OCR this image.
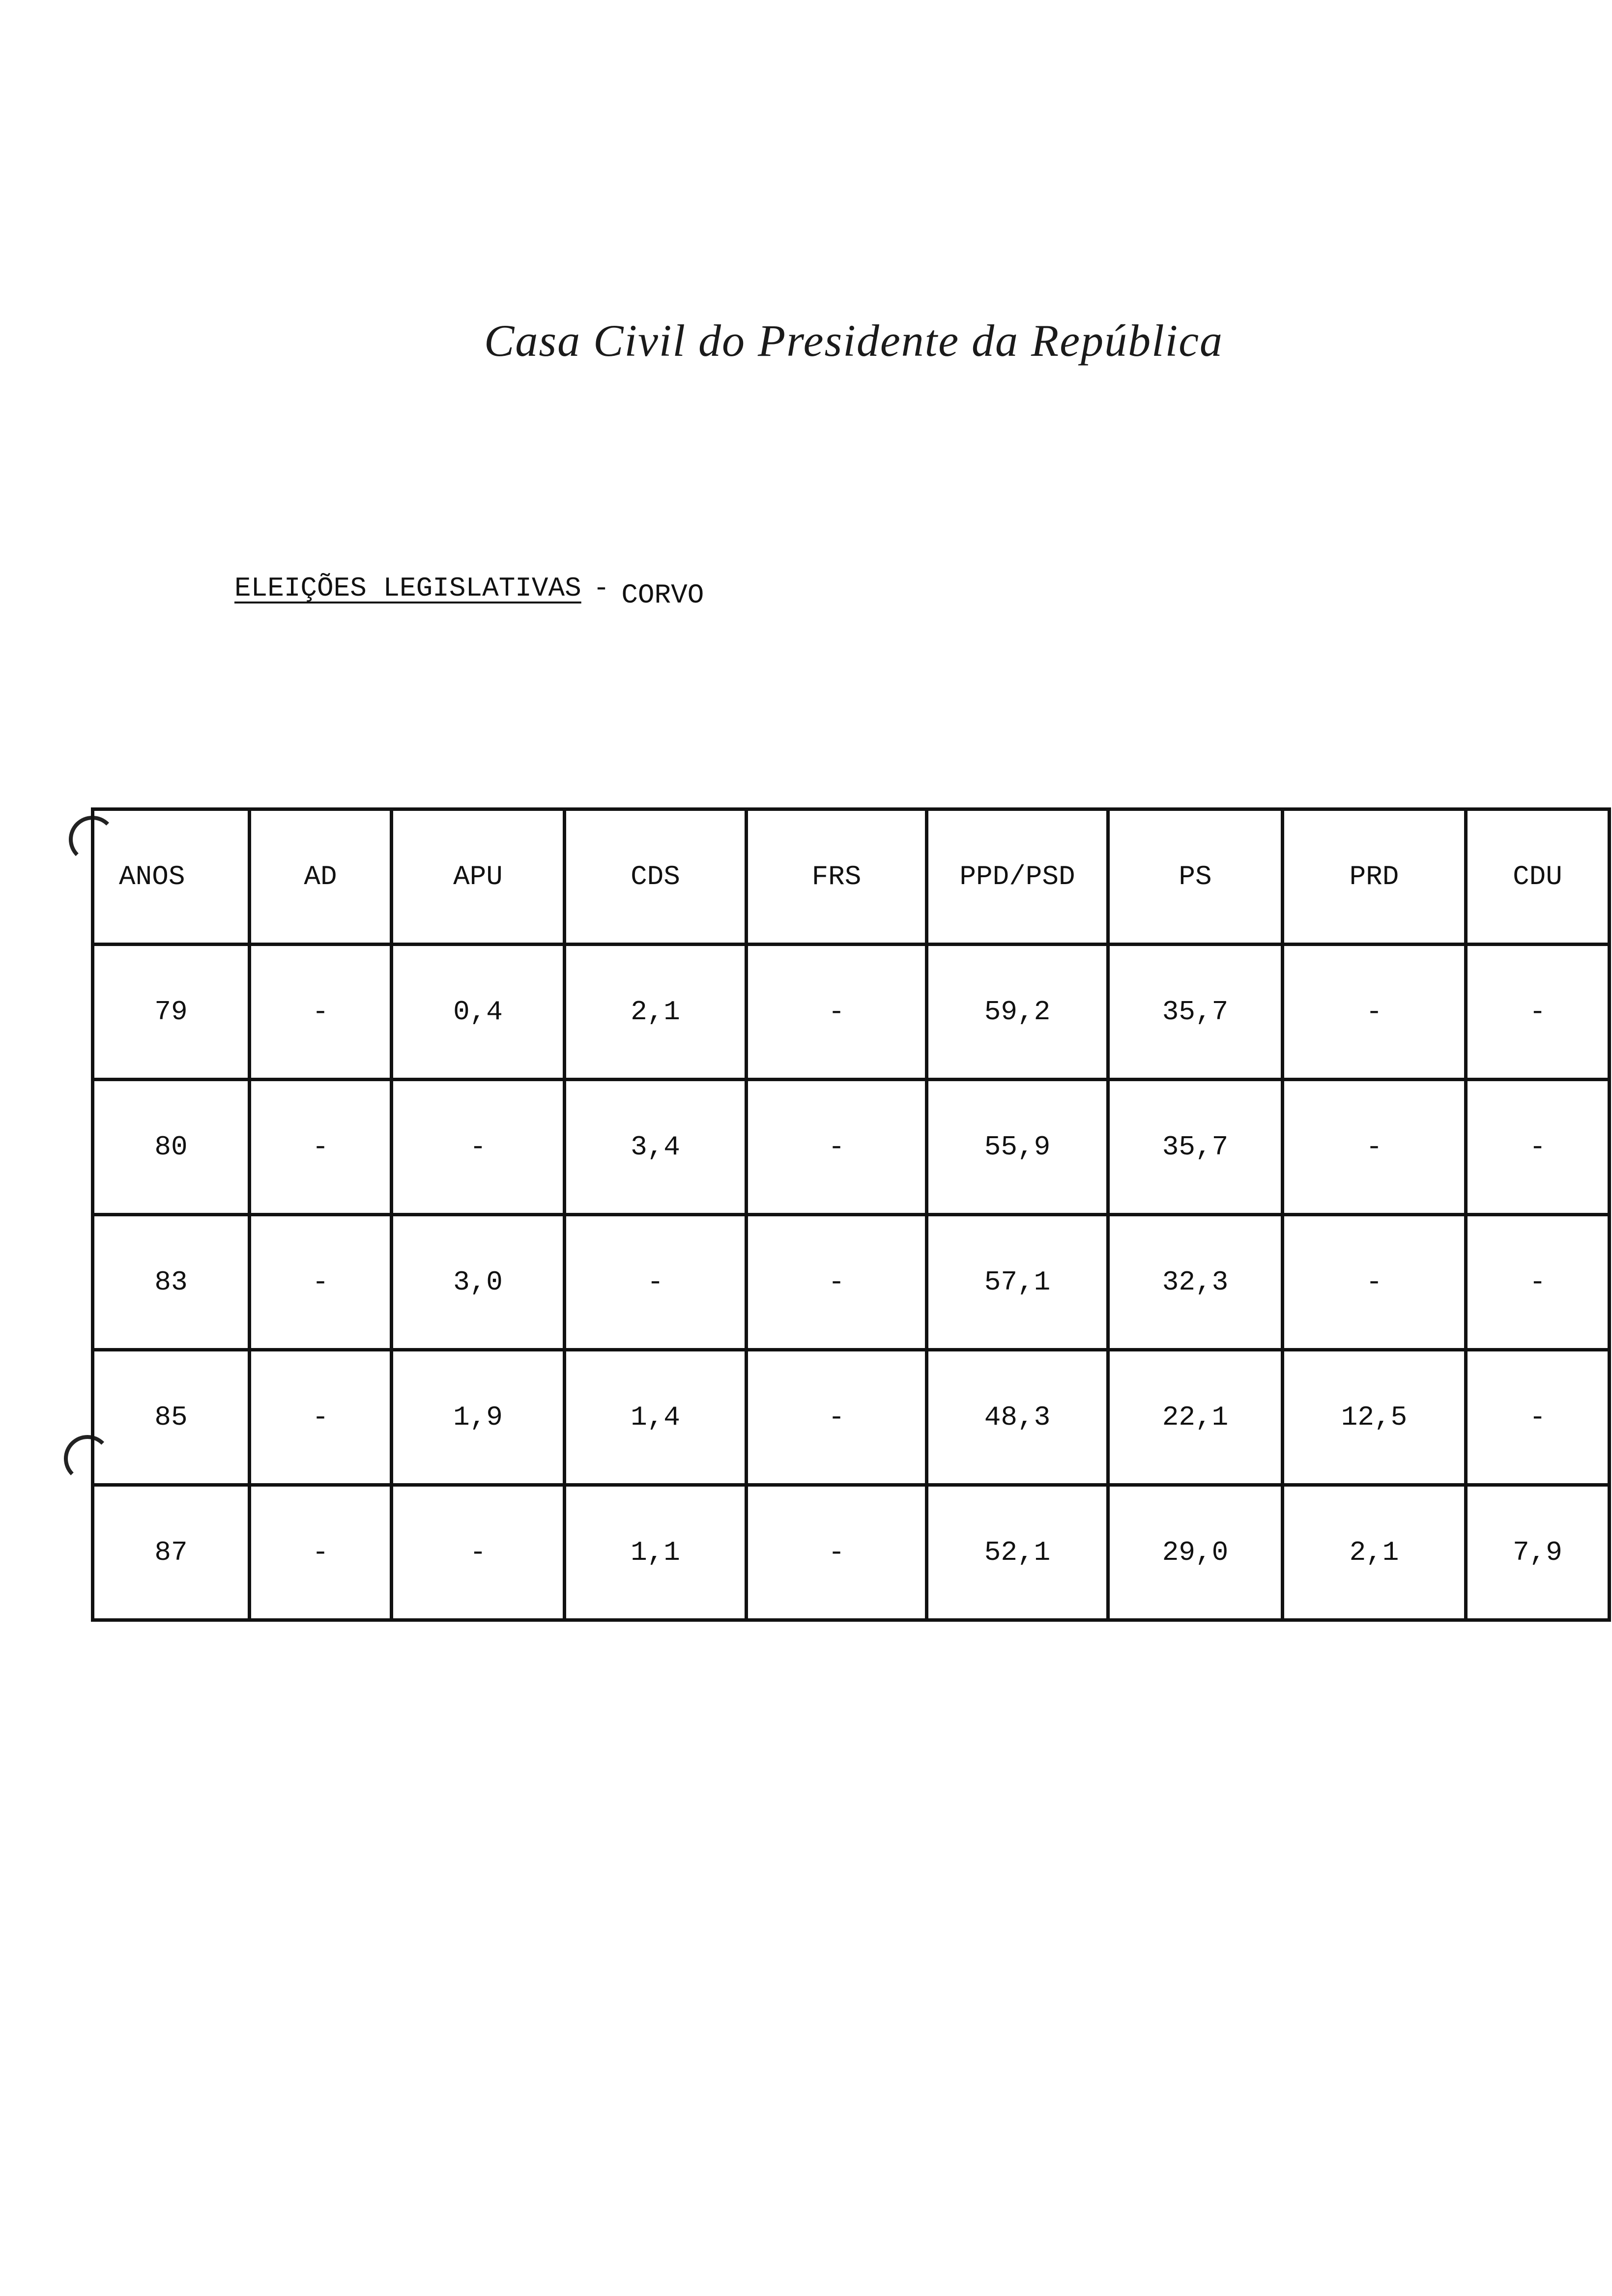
Casa Civil do Presidente da República
ELEIÇÕES LEGISLATIVAS - CORVO
ANOS	AD	APU	CDS	FRS	PPD/PSD	PS	PRD	CDU
79	-	0,4	2,1	-	59,2	35,7	-	-
80	-	-	3,4	-	55,9	35,7	-	-
83	-	3,0	-	-	57,1	32,3	-	-
85	-	1,9	1,4	-	48,3	22,1	12,5	-
87	-	-	1,1	-	52,1	29,0	2,1	7,9
